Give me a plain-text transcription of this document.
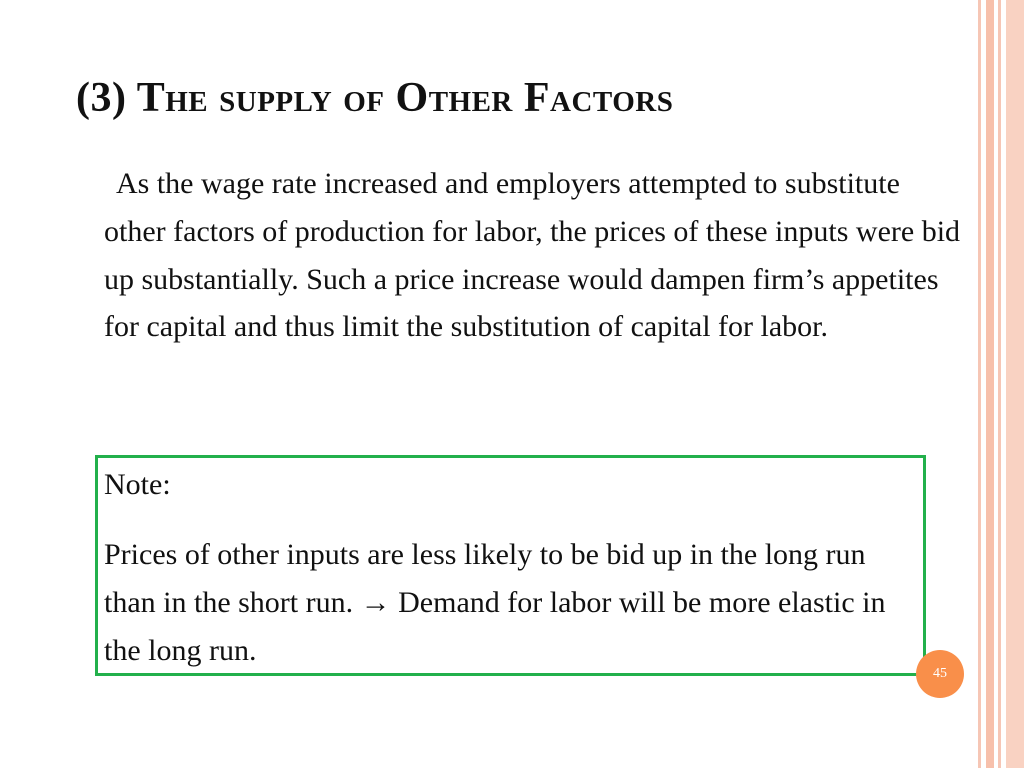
(3) The supply of Other Factors

As the wage rate increased and employers attempted to substitute other factors of production for labor, the prices of these inputs were bid up substantially. Such a price increase would dampen firm’s appetites for capital and thus limit the substitution of capital for labor.

Note:

Prices of other inputs are less likely to be bid up in the long run than in the short run. → Demand for labor will be more elastic in the long run.

45
